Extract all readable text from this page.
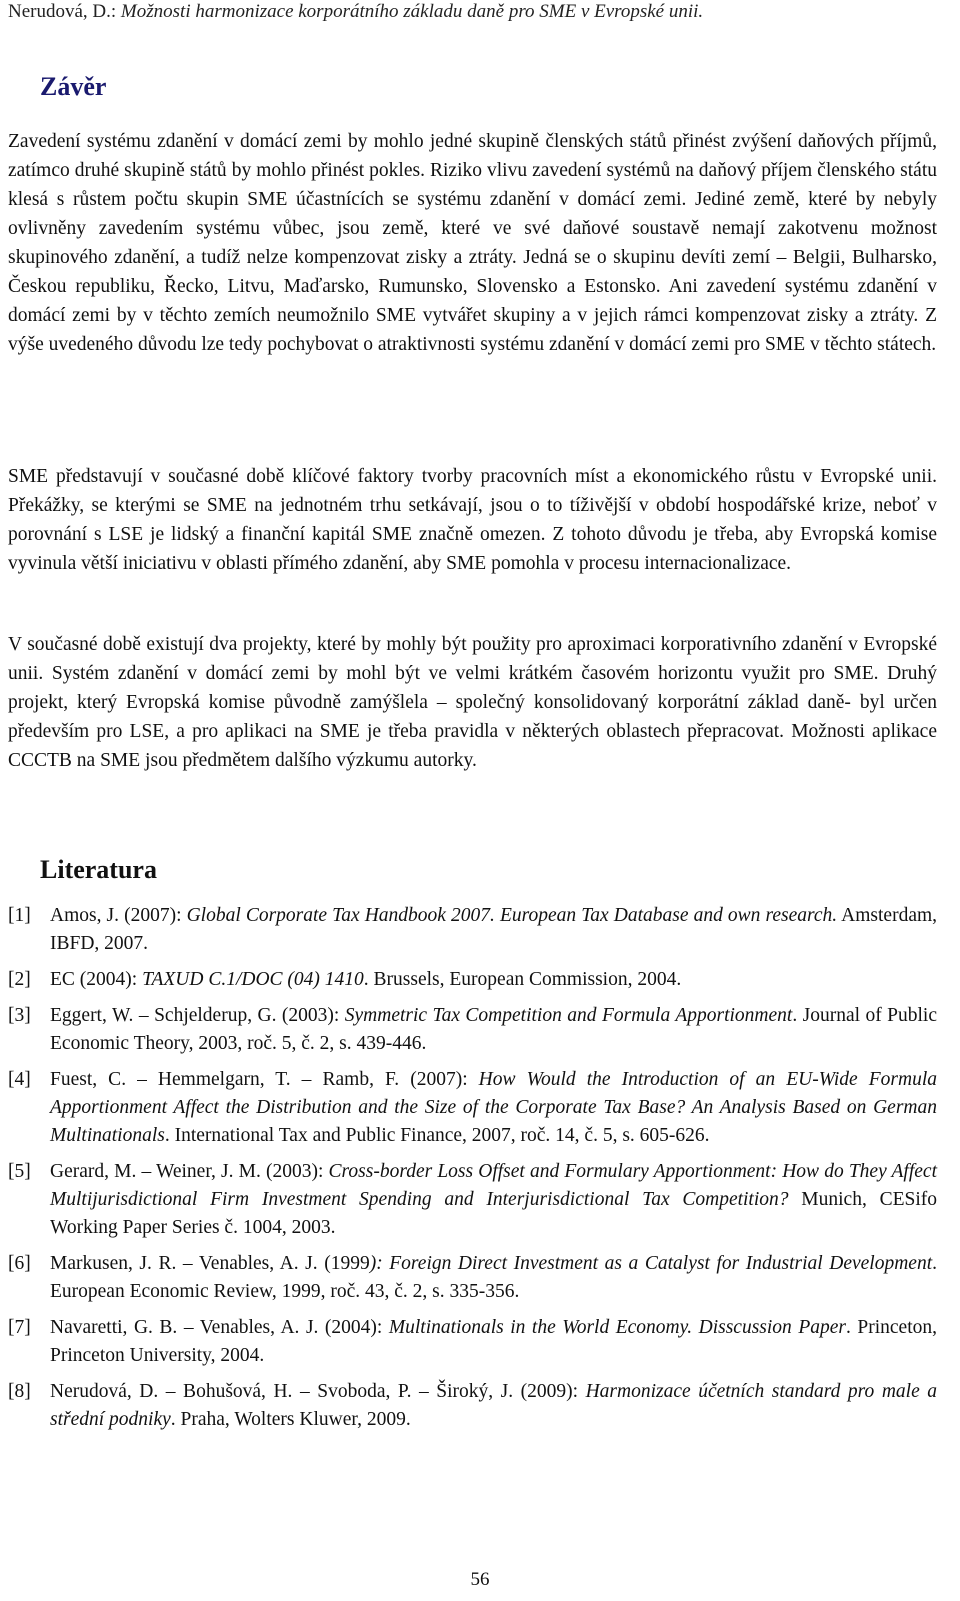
Nerudová, D.: Možnosti harmonizace korporátního základu daně pro SME v Evropské unii.
Závěr

Zavedení systému zdanění v domácí zemi by mohlo jedné skupině členských států přinést zvýšení daňových příjmů, zatímco druhé skupině států by mohlo přinést pokles. Riziko vlivu zavedení systémů na daňový příjem členského státu klesá s růstem počtu skupin SME účastnících se systému zdanění v domácí zemi. Jediné země, které by nebyly ovlivněny zavedením systému vůbec, jsou země, které ve své daňové soustavě nemají zakotvenu možnost skupinového zdanění, a tudíž nelze kompenzovat zisky a ztráty. Jedná se o skupinu devíti zemí – Belgii, Bulharsko, Českou republiku, Řecko, Litvu, Maďarsko, Rumunsko, Slovensko a Estonsko. Ani zavedení systému zdanění v domácí zemi by v těchto zemích neumožnilo SME vytvářet skupiny a v jejich rámci kompenzovat zisky a ztráty. Z výše uvedeného důvodu lze tedy pochybovat o atraktivnosti systému zdanění v domácí zemi pro SME v těchto státech.

SME představují v současné době klíčové faktory tvorby pracovních míst a ekonomického růstu v Evropské unii. Překážky, se kterými se SME na jednotném trhu setkávají, jsou o to tíživější v období hospodářské krize, neboť v porovnání s LSE je lidský a finanční kapitál SME značně omezen. Z tohoto důvodu je třeba, aby Evropská komise vyvinula větší iniciativu v oblasti přímého zdanění, aby SME pomohla v procesu internacionalizace.

V současné době existují dva projekty, které by mohly být použity pro aproximaci korporativního zdanění v Evropské unii. Systém zdanění v domácí zemi by mohl být ve velmi krátkém časovém horizontu využit pro SME. Druhý projekt, který Evropská komise původně zamýšlela – společný konsolidovaný korporátní základ daně- byl určen především pro LSE, a pro aplikaci na SME je třeba pravidla v některých oblastech přepracovat. Možnosti aplikace CCCTB na SME jsou předmětem dalšího výzkumu autorky.

Literatura
[1] Amos, J. (2007): Global Corporate Tax Handbook 2007. European Tax Database and own research. Amsterdam, IBFD, 2007.
[2] EC (2004): TAXUD C.1/DOC (04) 1410. Brussels, European Commission, 2004.
[3] Eggert, W. – Schjelderup, G. (2003): Symmetric Tax Competition and Formula Apportionment. Journal of Public Economic Theory, 2003, roč. 5, č. 2, s. 439-446.
[4] Fuest, C. – Hemmelgarn, T. – Ramb, F. (2007): How Would the Introduction of an EU-Wide Formula Apportionment Affect the Distribution and the Size of the Corporate Tax Base? An Analysis Based on German Multinationals. International Tax and Public Finance, 2007, roč. 14, č. 5, s. 605-626.
[5] Gerard, M. – Weiner, J. M. (2003): Cross-border Loss Offset and Formulary Apportionment: How do They Affect Multijurisdictional Firm Investment Spending and Interjurisdictional Tax Competition? Munich, CESifo Working Paper Series č. 1004, 2003.
[6] Markusen, J. R. – Venables, A. J. (1999): Foreign Direct Investment as a Catalyst for Industrial Development. European Economic Review, 1999, roč. 43, č. 2, s. 335-356.
[7] Navaretti, G. B. – Venables, A. J. (2004): Multinationals in the World Economy. Disscussion Paper. Princeton, Princeton University, 2004.
[8] Nerudová, D. – Bohušová, H. – Svoboda, P. – Široký, J. (2009): Harmonizace účetních standard pro male a střední podniky. Praha, Wolters Kluwer, 2009.
56
